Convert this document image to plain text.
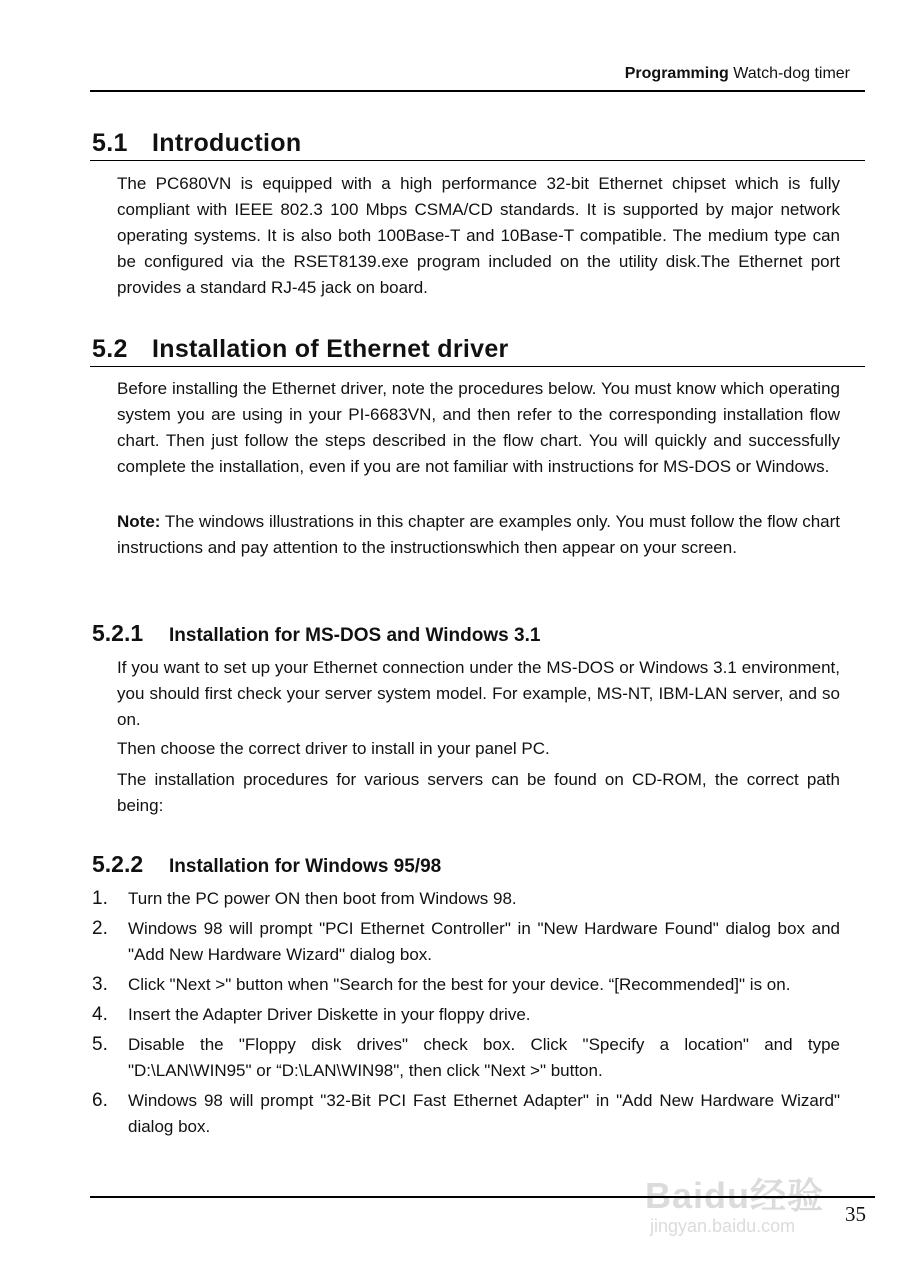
Programming Watch-dog timer
5.1 Introduction

The PC680VN is equipped with a high performance 32-bit Ethernet chipset which is fully compliant with IEEE 802.3 100 Mbps CSMA/CD standards. It is supported by major network operating systems. It is also both 100Base-T and 10Base-T compatible. The medium type can be configured via the RSET8139.exe program included on the utility disk.The Ethernet port provides a standard RJ-45 jack on board.

5.2 Installation of Ethernet driver

Before installing the Ethernet driver, note the procedures below. You must know which operating system you are using in your PI-6683VN, and then refer to the corresponding installation flow chart. Then just follow the steps described in the flow chart. You will quickly and successfully complete the installation, even if you are not familiar with instructions for MS-DOS or Windows.

Note: The windows illustrations in this chapter are examples only. You must follow the flow chart instructions and pay attention to the instructionswhich then appear on your screen.

5.2.1 Installation for MS-DOS and Windows 3.1

If you want to set up your Ethernet connection under the MS-DOS or Windows 3.1 environment, you should first check your server system model. For example, MS-NT, IBM-LAN server, and so on.

Then choose the correct driver to install in your panel PC.

The installation procedures for various servers can be found on CD-ROM, the correct path being:

5.2.2 Installation for Windows 95/98
1. Turn the PC power ON then boot from Windows 98.
2. Windows 98 will prompt "PCI Ethernet Controller" in "New Hardware Found" dialog box and "Add New Hardware Wizard" dialog box.
3. Click "Next >" button when "Search for the best for your device. “[Recommended]" is on.
4. Insert the Adapter Driver Diskette in your floppy drive.
5. Disable the "Floppy disk drives" check box. Click "Specify a location" and type "D:\LAN\WIN95" or “D:\LAN\WIN98", then click "Next >" button.
6. Windows 98 will prompt "32-Bit PCI Fast Ethernet Adapter" in "Add New Hardware Wizard" dialog box.
Baidu经验
jingyan.baidu.com 35
